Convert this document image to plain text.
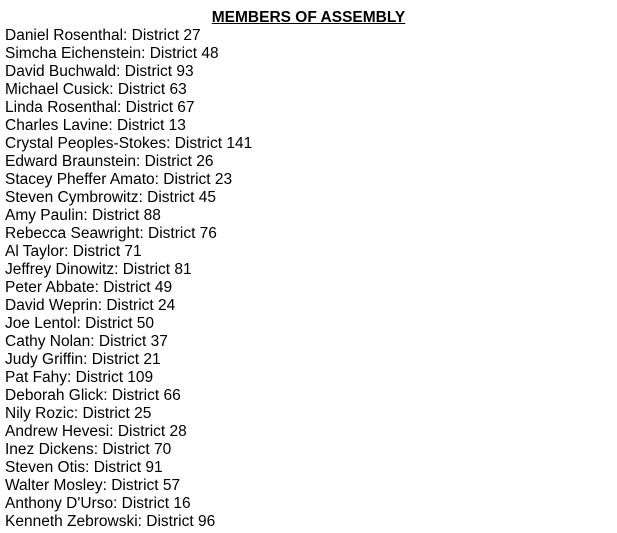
MEMBERS OF ASSEMBLY
Daniel Rosenthal: District 27
Simcha Eichenstein: District 48
David Buchwald: District 93
Michael Cusick: District 63
Linda Rosenthal: District 67
Charles Lavine: District 13
Crystal Peoples-Stokes: District 141
Edward Braunstein: District 26
Stacey Pheffer Amato: District 23
Steven Cymbrowitz: District 45
Amy Paulin: District 88
Rebecca Seawright: District 76
Al Taylor: District 71
Jeffrey Dinowitz: District 81
Peter Abbate: District 49
David Weprin: District 24
Joe Lentol: District 50
Cathy Nolan: District 37
Judy Griffin: District 21
Pat Fahy: District 109
Deborah Glick: District 66
Nily Rozic: District 25
Andrew Hevesi: District 28
Inez Dickens: District 70
Steven Otis: District 91
Walter Mosley: District 57
Anthony D'Urso: District 16
Kenneth Zebrowski: District 96
